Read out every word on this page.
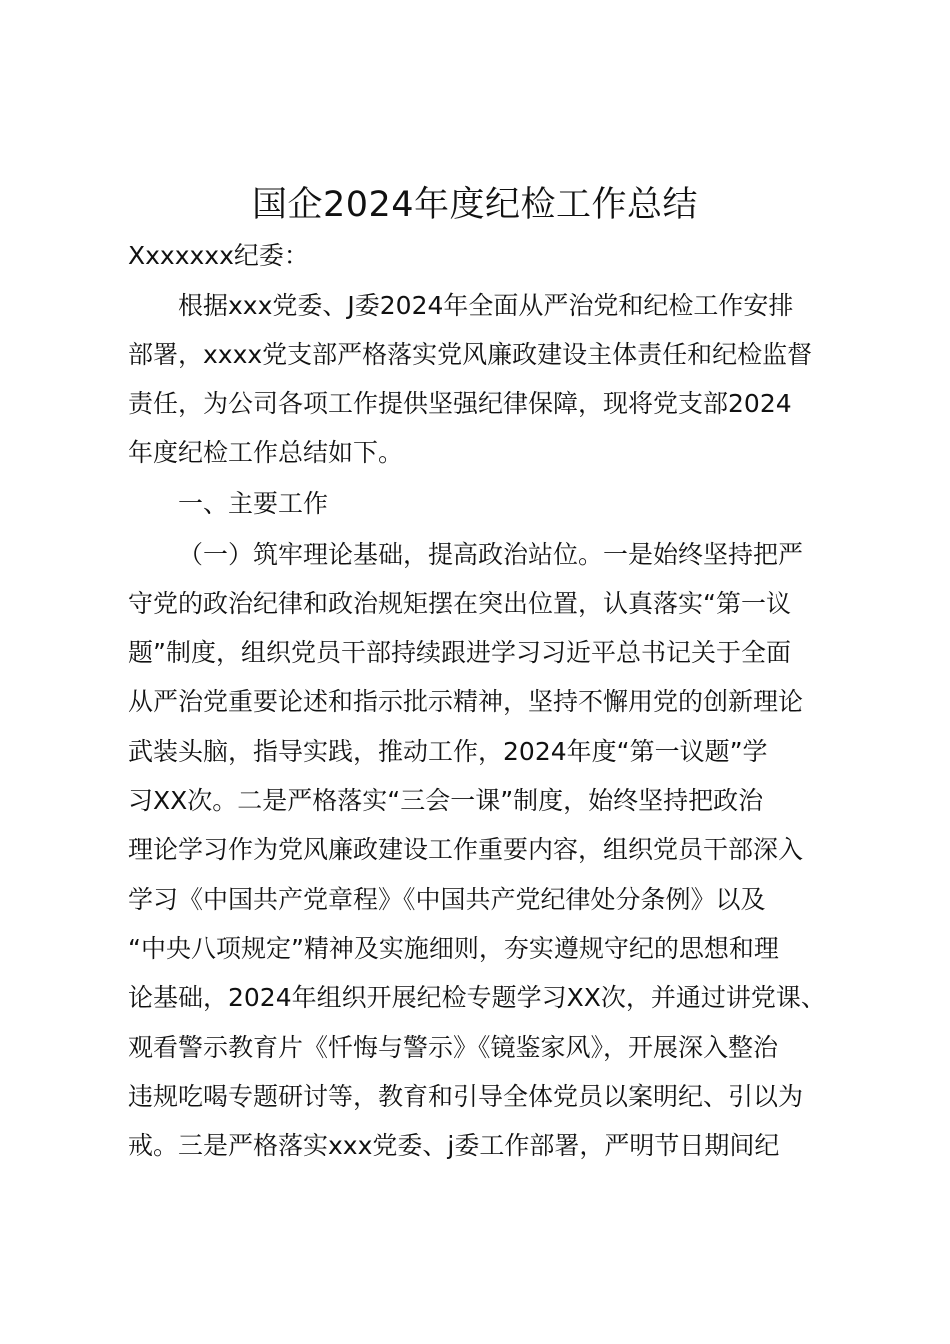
国企2024年度纪检工作总结
Xxxxxxx纪委：
根据xxx党委、J委2024年全面从严治党和纪检工作安排
部署，xxxx党支部严格落实党风廉政建设主体责任和纪检监督
责任，为公司各项工作提供坚强纪律保障，现将党支部2024
年度纪检工作总结如下。
一、主要工作
（一）筑牢理论基础，提高政治站位。一是始终坚持把严
守党的政治纪律和政治规矩摆在突出位置，认真落实“第一议
题”制度，组织党员干部持续跟进学习习近平总书记关于全面
从严治党重要论述和指示批示精神，坚持不懈用党的创新理论
武装头脑，指导实践，推动工作，2024年度“第一议题”学
习XX次。二是严格落实“三会一课”制度，始终坚持把政治
理论学习作为党风廉政建设工作重要内容，组织党员干部深入
学习《中国共产党章程》《中国共产党纪律处分条例》以及
“中央八项规定”精神及实施细则，夯实遵规守纪的思想和理
论基础，2024年组织开展纪检专题学习XX次，并通过讲党课、
观看警示教育片《忏悔与警示》《镜鉴家风》，开展深入整治
违规吃喝专题研讨等，教育和引导全体党员以案明纪、引以为
戒。三是严格落实xxx党委、j委工作部署，严明节日期间纪
